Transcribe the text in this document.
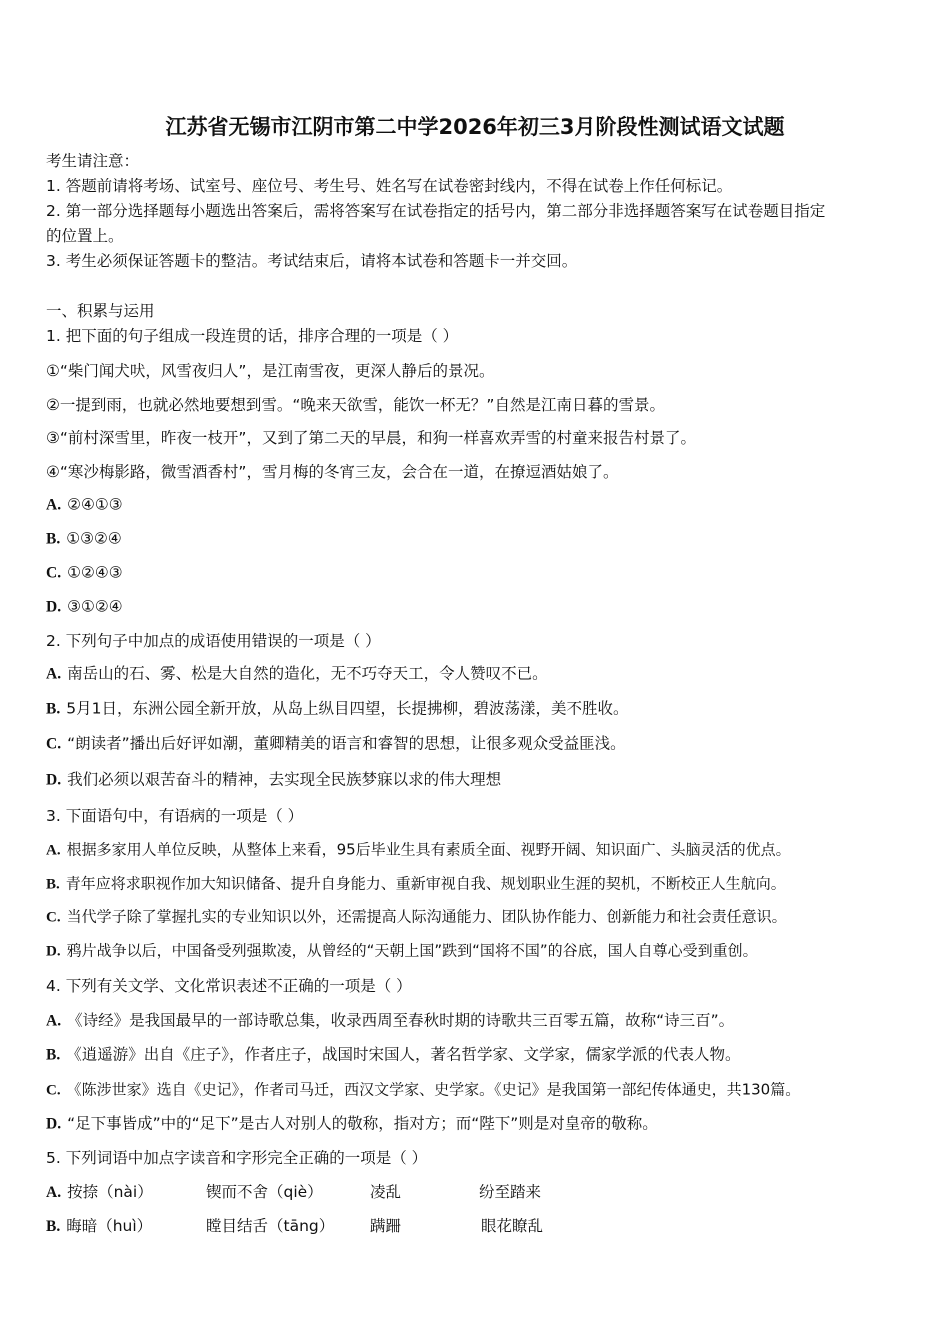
江苏省无锡市江阴市第二中学2026年初三3月阶段性测试语文试题
考生请注意：
1. 答题前请将考场、试室号、座位号、考生号、姓名写在试卷密封线内，不得在试卷上作任何标记。
2. 第一部分选择题每小题选出答案后，需将答案写在试卷指定的括号内，第二部分非选择题答案写在试卷题目指定
的位置上。
3. 考生必须保证答题卡的整洁。考试结束后，请将本试卷和答题卡一并交回。
一、积累与运用
1. 把下面的句子组成一段连贯的话，排序合理的一项是（ ）
①“柴门闻犬吠，风雪夜归人”，是江南雪夜，更深人静后的景况。
②一提到雨，也就必然地要想到雪。“晚来天欲雪，能饮一杯无？”自然是江南日暮的雪景。
③“前村深雪里，昨夜一枝开”，又到了第二天的早晨，和狗一样喜欢弄雪的村童来报告村景了。
④“寒沙梅影路，微雪酒香村”，雪月梅的冬宵三友，会合在一道，在撩逗酒姑娘了。
A. ②④①③
B. ①③②④
C. ①②④③
D. ③①②④
2. 下列句子中加点的成语使用错误的一项是（ ）
A. 南岳山的石、雾、松是大自然的造化，无不巧夺天工，令人赞叹不已。
B. 5月1日，东洲公园全新开放，从岛上纵目四望，长提拂柳，碧波荡漾，美不胜收。
C. “朗读者”播出后好评如潮，董卿精美的语言和睿智的思想，让很多观众受益匪浅。
D. 我们必须以艰苦奋斗的精神，去实现全民族梦寐以求的伟大理想
3. 下面语句中，有语病的一项是（ ）
A. 根据多家用人单位反映，从整体上来看，95后毕业生具有素质全面、视野开阔、知识面广、头脑灵活的优点。
B. 青年应将求职视作加大知识储备、提升自身能力、重新审视自我、规划职业生涯的契机，不断校正人生航向。
C. 当代学子除了掌握扎实的专业知识以外，还需提高人际沟通能力、团队协作能力、创新能力和社会责任意识。
D. 鸦片战争以后，中国备受列强欺凌，从曾经的“天朝上国”跌到“国将不国”的谷底，国人自尊心受到重创。
4. 下列有关文学、文化常识表述不正确的一项是（ ）
A. 《诗经》是我国最早的一部诗歌总集，收录西周至春秋时期的诗歌共三百零五篇，故称“诗三百”。
B. 《逍遥游》出自《庄子》，作者庄子，战国时宋国人，著名哲学家、文学家，儒家学派的代表人物。
C. 《陈涉世家》选自《史记》，作者司马迁，西汉文学家、史学家。《史记》是我国第一部纪传体通史，共130篇。
D. “足下事皆成”中的“足下”是古人对别人的敬称，指对方；而“陛下”则是对皇帝的敬称。
5. 下列词语中加点字读音和字形完全正确的一项是（ ）
A. 按捺（nài）	锲而不舍（qiè）	凌乱	纷至踏来
B. 晦暗（huì）	瞠目结舌（tāng） 蹒跚	眼花瞭乱
